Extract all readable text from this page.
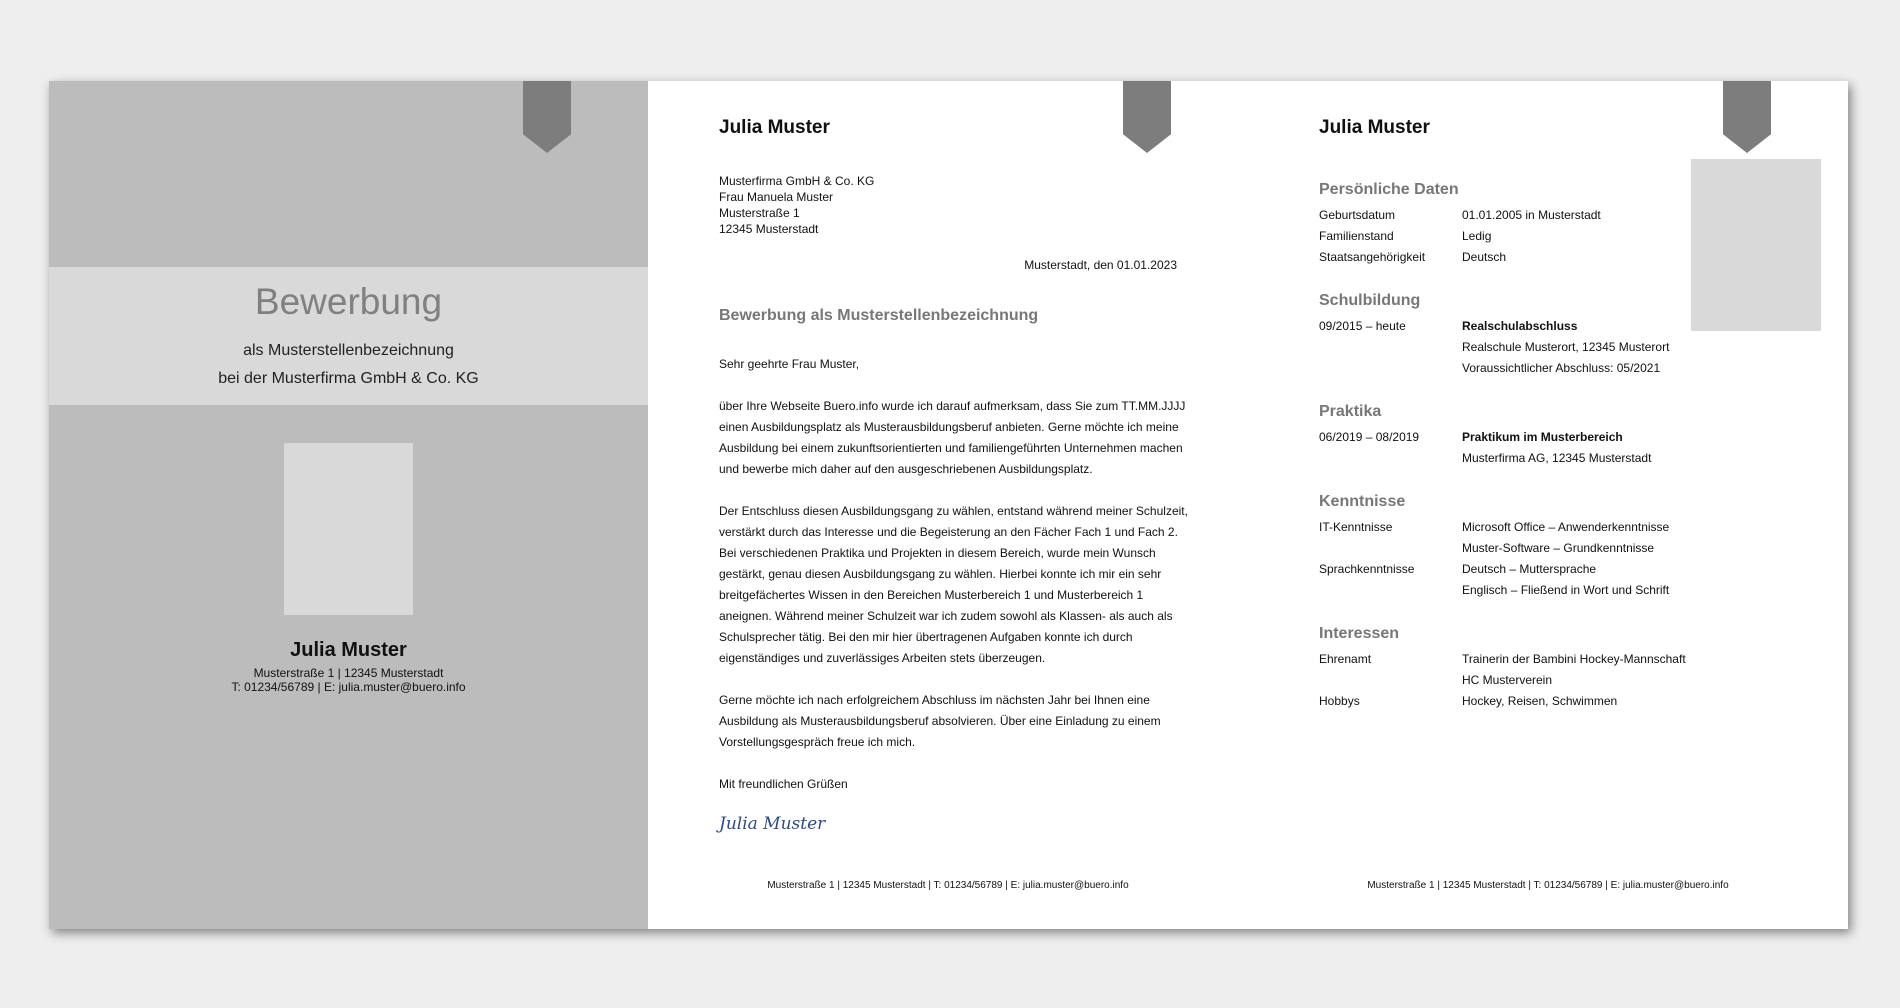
Bewerbung
als Musterstellenbezeichnung
bei der Musterfirma GmbH & Co. KG
Julia Muster
Musterstraße 1 | 12345 Musterstadt
T: 01234/56789 | E: julia.muster@buero.info
Julia Muster
Musterfirma GmbH & Co. KG
Frau Manuela Muster
Musterstraße 1
12345 Musterstadt
Musterstadt, den 01.01.2023
Bewerbung als Musterstellenbezeichnung

Sehr geehrte Frau Muster,

über Ihre Webseite Buero.info wurde ich darauf aufmerksam, dass Sie zum TT.MM.JJJJ einen Ausbildungsplatz als Musterausbildungsberuf anbieten. Gerne möchte ich meine Ausbildung bei einem zukunftsorientierten und familiengeführten Unternehmen machen und bewerbe mich daher auf den ausgeschriebenen Ausbildungsplatz.

Der Entschluss diesen Ausbildungsgang zu wählen, entstand während meiner Schulzeit, verstärkt durch das Interesse und die Begeisterung an den Fächer Fach 1 und Fach 2. Bei verschiedenen Praktika und Projekten in diesem Bereich, wurde mein Wunsch gestärkt, genau diesen Ausbildungsgang zu wählen. Hierbei konnte ich mir ein sehr breitgefächertes Wissen in den Bereichen Musterbereich 1 und Musterbereich 1 aneignen. Während meiner Schulzeit war ich zudem sowohl als Klassen- als auch als Schulsprecher tätig. Bei den mir hier übertragenen Aufgaben konnte ich durch eigenständiges und zuverlässiges Arbeiten stets überzeugen.

Gerne möchte ich nach erfolgreichem Abschluss im nächsten Jahr bei Ihnen eine Ausbildung als Musterausbildungsberuf absolvieren. Über eine Einladung zu einem Vorstellungsgespräch freue ich mich.

Mit freundlichen Grüßen

Julia Muster
Musterstraße 1 | 12345 Musterstadt | T: 01234/56789 | E: julia.muster@buero.info
Julia Muster
Persönliche Daten
Geburtsdatum	01.01.2005 in Musterstadt
Familienstand	Ledig
Staatsangehörigkeit	Deutsch
Schulbildung
09/2015 – heute	Realschulabschluss
Realschule Musterort, 12345 Musterort
Voraussichtlicher Abschluss: 05/2021
Praktika
06/2019 – 08/2019	Praktikum im Musterbereich
Musterfirma AG, 12345 Musterstadt
Kenntnisse
IT-Kenntnisse	Microsoft Office – Anwenderkenntnisse
Muster-Software – Grundkenntnisse
Sprachkenntnisse	Deutsch – Muttersprache
Englisch – Fließend in Wort und Schrift
Interessen
Ehrenamt	Trainerin der Bambini Hockey-Mannschaft
HC Musterverein
Hobbys	Hockey, Reisen, Schwimmen
Musterstraße 1 | 12345 Musterstadt | T: 01234/56789 | E: julia.muster@buero.info
